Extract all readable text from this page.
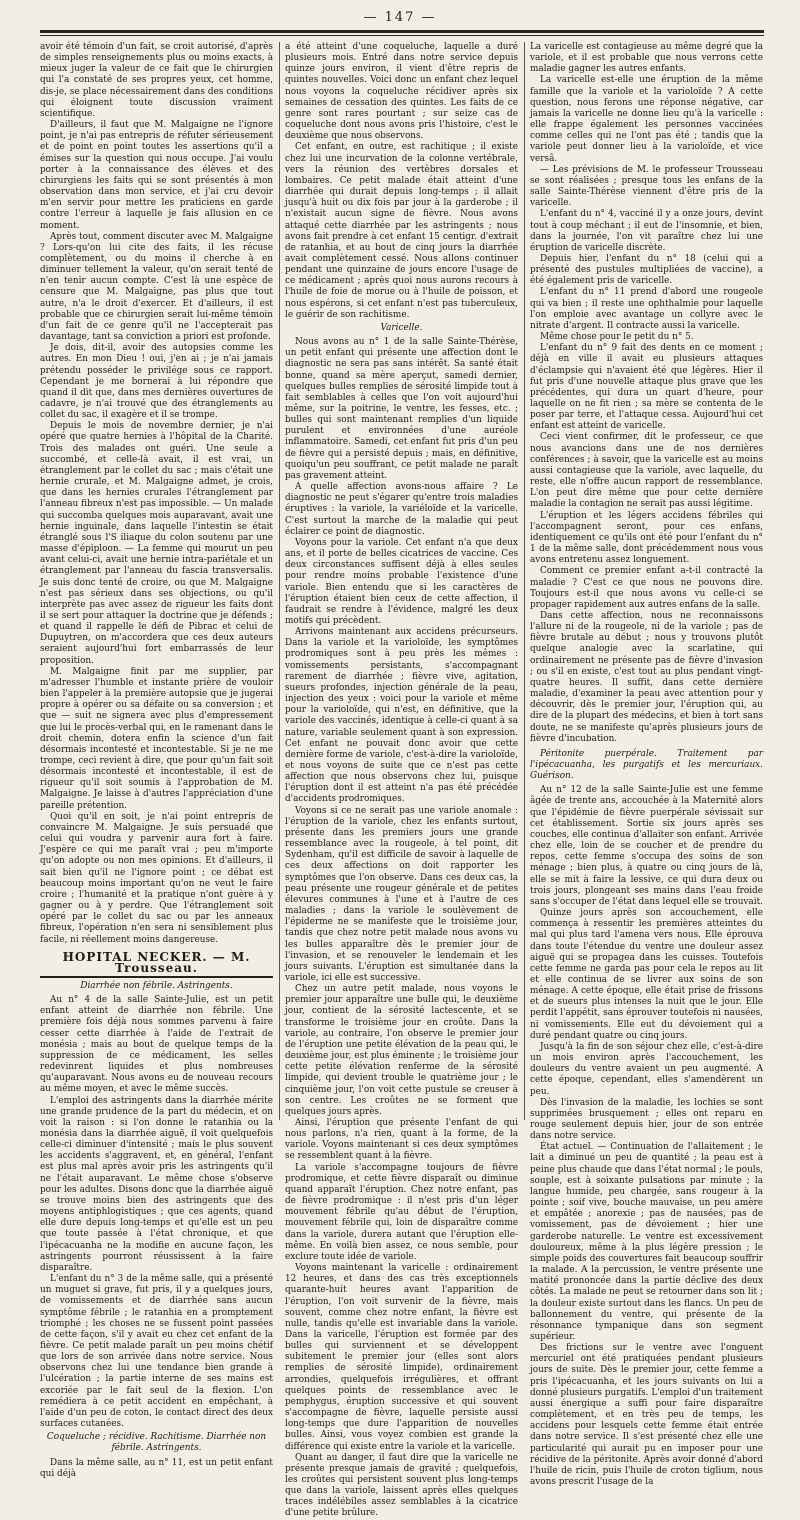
— 147 —

avoir été témoin d'un fait, se croit autorisé, d'après de simples renseignements plus ou moins exacts, à mieux juger la valeur de ce fait que le chirurgien qui l'a constaté de ses propres yeux, cet homme, dis-je, se place nécessairement dans des conditions qui éloignent toute discussion vraiment scientifique.

D'ailleurs, il faut que M. Malgaigne ne l'ignore point, je n'ai pas entrepris de réfuter sérieusement et de point en point toutes les assertions qu'il a émises sur la question qui nous occupe. J'ai voulu porter à la connaissance des élèves et des chirurgiens les faits qui se sont présentés à mon observation dans mon service, et j'ai cru devoir m'en servir pour mettre les praticiens en garde contre l'erreur à laquelle je fais allusion en ce moment.

Après tout, comment discuter avec M. Malgaigne ? Lors-qu'on lui cite des faits, il les récuse complètement, ou du moins il cherche à en diminuer tellement la valeur, qu'on serait tenté de n'en tenir aucun compte. C'est là une espèce de censure que M. Malgaigne, pas plus que tout autre, n'a le droit d'exercer. Et d'ailleurs, il est probable que ce chirurgien serait lui-même témoin d'un fait de ce genre qu'il ne l'accepterait pas davantage, tant sa conviction a priori est profonde.

Je dois, dit-il, avoir des autopsies comme les autres. En mon Dieu ! oui, j'en ai ; je n'ai jamais prétendu posséder le privilége sous ce rapport. Cependant je me bornerai à lui répondre que quand il dit que, dans mes dernières ouvertures de cadavre, je n'ai trouvé que des étranglements au collet du sac, il exagère et il se trompe.

Depuis le mois de novembre dernier, je n'ai opéré que quatre hernies à l'hôpital de la Charité. Trois des malades ont guéri. Une seule a succombé, et celle-là avait, il est vrai, un étranglement par le collet du sac ; mais c'était une hernie crurale, et M. Malgaigne admet, je crois, que dans les hernies crurales l'étranglement par l'anneau fibreux n'est pas impossible. — Un malade qui succomba quelques mois auparavant, avait une hernie inguinale, dans laquelle l'intestin se était étranglé sous l'S iliaque du colon soutenu par une masse d'épiploon. — La femme qui mourut un peu avant celui-ci, avait une hernie intra-pariétale et un étranglement par l'anneau du fascia transversalis. Je suis donc tenté de croire, ou que M. Malgaigne n'est pas sérieux dans ses objections, ou qu'il interprète pas avec assez de rigueur les faits dont il se sert pour attaquer la doctrine que je défends ; et quand il rappelle le défi de Pibrac et celui de Dupuytren, on m'accordera que ces deux auteurs seraient aujourd'hui fort embarrassés de leur proposition.

M. Malgaigne finit par me supplier, par m'adresser l'humble et instante prière de vouloir bien l'appeler à la première autopsie que je jugerai propre à opérer ou sa défaite ou sa conversion ; et que — suit ne signera avec plus d'empressement que lui le procès-verbal qui, en le ramenant dans le droit chemin, dotera enfin la science d'un fait désormais incontesté et incontestable. Si je ne me trompe, ceci revient à dire, que pour qu'un fait soit désormais incontesté et incontestable, il est de rigueur qu'il soit soumis à l'approbation de M. Malgaigne. Je laisse à d'autres l'appréciation d'une pareille prétention.

Quoi qu'il en soit, je n'ai point entrepris de convaincre M. Malgaigne. Je suis persuadé que celui qui voudra y parvenir aura fort à faire. J'espère ce qui me paraît vrai ; peu m'importe qu'on adopte ou non mes opinions. Et d'ailleurs, il sait bien qu'il ne l'ignore point ; ce débat est beaucoup moins important qu'on ne veut le faire croire ; l'humanité et la pratique n'ont guère à y gagner ou à y perdre. Que l'étranglement soit opéré par le collet du sac ou par les anneaux fibreux, l'opération n'en sera ni sensiblement plus facile, ni réellement moins dangereuse.

HOPITAL NECKER. — M. Trousseau.
Diarrhée non fébrile. Astringents.

Au n° 4 de la salle Sainte-Julie, est un petit enfant atteint de diarrhée non fébrile. Une première fois déjà nous sommes parvenu à faire cesser cette diarrhée à l'aide de l'extrait de monésia ; mais au bout de quelque temps de la suppression de ce médicament, les selles redevinrent liquides et plus nombreuses qu'auparavant. Nous avons eu de nouveau recours au même moyen, et avec le même succès.

L'emploi des astringents dans la diarrhée mérite une grande prudence de la part du médecin, et on voit la raison : si l'on donne le ratanhia ou la monésia dans la diarrhée aiguë, il voit quelquefois celle-ci diminuer d'intensité ; mais le plus souvent les accidents s'aggravent, et, en général, l'enfant est plus mal après avoir pris les astringents qu'il ne l'était auparavant. Le même chose s'observe pour les adultes. Disons donc que la diarrhée aiguë se trouve moins bien des astringents que des moyens antiphlogistiques ; que ces agents, quand elle dure depuis long-temps et qu'elle est un peu que toute passée à l'état chronique, et que l'ipécacuanha ne la modifie en aucune façon, les astringents pourront réussissent à la faire disparaître.

L'enfant du n° 3 de la même salle, qui a présenté un muguet si grave, fut pris, il y a quelques jours, de vomissements et de diarrhée sans aucun symptôme fébrile ; le ratanhia en a promptement triomphé ; les choses ne se fussent point passées de cette façon, s'il y avait eu chez cet enfant de la fièvre. Ce petit malade paraît un peu moins chétif que lors de son arrivée dans notre service. Nous observons chez lui une tendance bien grande à l'ulcération ; la partie interne de ses mains est excoriée par le fait seul de la flexion. L'on remédiera à ce petit accident en empêchant, à l'aide d'un peu de coton, le contact direct des deux surfaces cutanées.

Coqueluche ; récidive. Rachitisme. Diarrhée non fébrile. Astringents.

Dans la même salle, au n° 11, est un petit enfant qui déjà

a été atteint d'une coqueluche, laquelle a duré plusieurs mois. Entré dans notre service depuis quinze jours environ, il vient d'être repris de quintes nouvelles. Voici donc un enfant chez lequel nous voyons la coqueluche récidiver après six semaines de cessation des quintes. Les faits de ce genre sont rares pourtant ; sur seize cas de coqueluche dont nous avons pris l'histoire, c'est le deuxième que nous observons.

Cet enfant, en outre, est rachitique ; il existe chez lui une incurvation de la colonne vertébrale, vers la réunion des vertèbres dorsales et lombaires. Ce petit malade était atteint d'une diarrhée qui durait depuis long-temps ; il allait jusqu'à huit ou dix fois par jour à la garderobe ; il n'existait aucun signe de fièvre. Nous avons attaqué cette diarrhée par les astringents ; nous avons fait prendre à cet enfant 15 centigr. d'extrait de ratanhia, et au bout de cinq jours la diarrhée avait complètement cessé. Nous allons continuer pendant une quinzaine de jours encore l'usage de ce médicament ; après quoi nous aurons recours à l'huile de foie de morue ou à l'huile de poisson, et nous espérons, si cet enfant n'est pas tuberculeux, le guérir de son rachitisme.

Varicelle.

Nous avons au n° 1 de la salle Sainte-Thérèse, un petit enfant qui présente une affection dont le diagnostic ne sera pas sans intérêt. Sa santé était bonne, quand sa mère aperçut, samedi dernier, quelques bulles remplies de sérosité limpide tout à fait semblables à celles que l'on voit aujourd'hui même, sur la poitrine, le ventre, les fesses, etc. ; bulles qui sont maintenant remplies d'un liquide purulent et environnées d'une auréole inflammatoire. Samedi, cet enfant fut pris d'un peu de fièvre qui a persisté depuis ; mais, en définitive, quoiqu'un peu souffrant, ce petit malade ne paraît pas gravement atteint.

A quelle affection avons-nous affaire ? Le diagnostic ne peut s'égarer qu'entre trois maladies éruptives : la variole, la variéloïde et la varicelle. C'est surtout la marche de la maladie qui peut éclairer ce point de diagnostic.

Voyons pour la variole. Cet enfant n'a que deux ans, et il porte de belles cicatrices de vaccine. Ces deux circonstances suffisent déjà à elles seules pour rendre moins probable l'existence d'une variole. Bien entendu que si les caractères de l'éruption étaient bien ceux de cette affection, il faudrait se rendre à l'évidence, malgré les deux motifs qui précèdent.

Arrivons maintenant aux accidens précurseurs. Dans la variole et la varioloïde, les symptômes prodromiques sont à peu près les mêmes : vomissements persistants, s'accompagnant rarement de diarrhée ; fièvre vive, agitation, sueurs profondes, injection générale de la peau, injection des yeux : voici pour la variole et même pour la varioloïde, qui n'est, en définitive, que la variole des vaccinés, identique à celle-ci quant à sa nature, variable seulement quant à son expression. Cet enfant ne pouvait donc avoir que cette dernière forme de variole, c'est-à-dire la varioloïde, et nous voyons de suite que ce n'est pas cette affection que nous observons chez lui, puisque l'éruption dont il est atteint n'a pas été précédée d'accidents prodromiques.

Voyons si ce ne serait pas une variole anomale : l'éruption de la variole, chez les enfants surtout, présente dans les premiers jours une grande ressemblance avec la rougeole, à tel point, dit Sydenham, qu'il est difficile de savoir à laquelle de ces deux affections on doit rapporter les symptômes que l'on observe. Dans ces deux cas, la peau présente une rougeur générale et de petites élevures communes à l'une et à l'autre de ces maladies ; dans la variole le soulèvement de l'épiderme ne se manifeste que le troisième jour, tandis que chez notre petit malade nous avons vu les bulles apparaître dès le premier jour de l'invasion, et se renouveler le lendemain et les jours suivants. L'éruption est simultanée dans la variole, ici elle est successive.

Chez un autre petit malade, nous voyons le premier jour apparaître une bulle qui, le deuxième jour, contient de la sérosité lactescente, et se transforme le troisième jour en croûte. Dans la variole, au contraire, l'on observe le premier jour de l'éruption une petite élévation de la peau qui, le deuxième jour, est plus éminente ; le troisième jour cette petite élévation renferme de la sérosité limpide, qui devient trouble le quatrième jour ; le cinquième jour, l'on voit cette pustule se creuser à son centre. Les croûtes ne se forment que quelques jours après.

Ainsi, l'éruption que présente l'enfant de qui nous parlons, n'a rien, quant à la forme, de la variole. Voyons maintenant si ces deux symptômes se ressemblent quant à la fièvre.

La variole s'accompagne toujours de fièvre prodromique, et cette fièvre disparaît ou diminue quand apparaît l'éruption. Chez notre enfant, pas de fièvre prodromique : il n'est pris d'un léger mouvement fébrile qu'au début de l'éruption, mouvement fébrile qui, loin de disparaître comme dans la variole, durera autant que l'éruption elle-même. En voilà bien assez, ce nous semble, pour exclure toute idée de variole.

Voyons maintenant la varicelle : ordinairement 12 heures, et dans des cas très exceptionnels quarante-huit heures avant l'apparition de l'éruption, l'on voit survenir de la fièvre, mais souvent, comme chez notre enfant, la fièvre est nulle, tandis qu'elle est invariable dans la variole. Dans la varicelle, l'éruption est formée par des bulles qui surviennent et se développent subitement le premier jour (elles sont alors remplies de sérosité limpide), ordinairement arrondies, quelquefois irrégulières, et offrant quelques points de ressemblance avec le pemphygus, éruption successive et qui souvent s'accompagne de fièvre, laquelle persiste aussi long-temps que dure l'apparition de nouvelles bulles. Ainsi, vous voyez combien est grande la différence qui existe entre la variole et la varicelle.

Quant au danger, il faut dire que la varicelle ne présente presque jamais de gravité ; quelquefois, les croûtes qui persistent souvent plus long-temps que dans la variole, laissent après elles quelques traces indélébiles assez semblables à la cicatrice d'une petite brûlure.

La varicelle est contagieuse au même degré que la variole, et il est probable que nous verrons cette maladie gagner les autres enfants.

La varicelle est-elle une éruption de la même famille que la variole et la varioloïde ? A cette question, nous ferons une réponse négative, car jamais la varicelle ne donne lieu qu'à la varicelle : elle frappe également les personnes vaccinées comme celles qui ne l'ont pas été ; tandis que la variole peut donner lieu à la varioloïde, et vice versâ.

— Les prévisions de M. le professeur Trousseau se sont réalisées ; presque tous les enfans de la salle Sainte-Thérèse viennent d'être pris de la varicelle.

L'enfant du n° 4, vacciné il y a onze jours, devint tout à coup méchant ; il eut de l'insomnie, et bien, dans la journée, l'on vit paraître chez lui une éruption de varicelle discrète.

Depuis hier, l'enfant du n° 18 (celui qui a présenté des pustules multipliées de vaccine), a été également pris de varicelle.

L'enfant du n° 11 prend d'abord une rougeole qui va bien ; il reste une ophthalmie pour laquelle l'on emploie avec avantage un collyre avec le nitrate d'argent. Il contracte aussi la varicelle.

Même chose pour le petit du n° 5.

L'enfant du n° 9 fait des dents en ce moment ; déjà en ville il avait eu plusieurs attaques d'éclampsie qui n'avaient été que légères. Hier il fut pris d'une nouvelle attaque plus grave que les précédentes, qui dura un quart d'heure, pour laquelle on ne fit rien ; sa mère se contenta de le poser par terre, et l'attaque cessa. Aujourd'hui cet enfant est atteint de varicelle.

Ceci vient confirmer, dit le professeur, ce que nous avancions dans une de nos dernières conférences ; à savoir, que la varicelle est au moins aussi contagieuse que la variole, avec laquelle, du reste, elle n'offre aucun rapport de ressemblance. L'on peut dire même que pour cette dernière maladie la contagion ne serait pas aussi légitime.

L'éruption et les légers accidens fébriles qui l'accompagnent seront, pour ces enfans, identiquement ce qu'ils ont été pour l'enfant du n° 1 de la même salle, dont précédemment nous vous avons entretenu assez longuement.

Comment ce premier enfant a-t-il contracté la maladie ? C'est ce que nous ne pouvons dire. Toujours est-il que nous avons vu celle-ci se propager rapidement aux autres enfans de la salle.

Dans cette affection, nous ne reconnaissons l'allure ni de la rougeole, ni de la variole ; pas de fièvre brutale au début ; nous y trouvons plutôt quelque analogie avec la scarlatine, qui ordinairement ne présente pas de fièvre d'invasion ; ou s'il en existe, c'est tout au plus pendant vingt-quatre heures. Il suffit, dans cette dernière maladie, d'examiner la peau avec attention pour y découvrir, dès le premier jour, l'éruption qui, au dire de la plupart des médecins, et bien à tort sans doute, ne se manifeste qu'après plusieurs jours de fièvre d'incubation.

Péritonite puerpérale. Traitement par l'ipécacuanha, les purgatifs et les mercuriaux. Guérison.

Au n° 12 de la salle Sainte-Julie est une femme âgée de trente ans, accouchée à la Maternité alors que l'épidémie de fièvre puerpérale sévissait sur cet établissement. Sortie six jours après ses couches, elle continua d'allaiter son enfant. Arrivée chez elle, loin de se coucher et de prendre du repos, cette femme s'occupa des soins de son ménage ; bien plus, à quatre ou cinq jours de là, elle se mit à faire la lessive, ce qui dura deux ou trois jours, plongeant ses mains dans l'eau froide sans s'occuper de l'état dans lequel elle se trouvait.

Quinze jours après son accouchement, elle commença à ressentir les premières atteintes du mal qui plus tard l'amena vers nous. Elle éprouva dans toute l'étendue du ventre une douleur assez aiguë qui se propagea dans les cuisses. Toutefois cette femme ne garda pas pour cela le repos au lit et elle continua de se livrer aux soins de son ménage. A cette époque, elle était prise de frissons et de sueurs plus intenses la nuit que le jour. Elle perdit l'appétit, sans éprouver toutefois ni nausées, ni vomissements. Elle eut du dévoiement qui a duré pendant quatre ou cinq jours.

Jusqu'à la fin de son séjour chez elle, c'est-à-dire un mois environ après l'accouchement, les douleurs du ventre avaient un peu augmenté. A cette époque, cependant, elles s'amendèrent un peu.

Dès l'invasion de la maladie, les lochies se sont supprimées brusquement ; elles ont reparu en rouge seulement depuis hier, jour de son entrée dans notre service.

État actuel. — Continuation de l'allaitement ; le lait a diminué un peu de quantité ; la peau est à peine plus chaude que dans l'état normal ; le pouls, souple, est à soixante pulsations par minute ; la langue humide, peu chargée, sans rougeur à la pointe ; soif vive, bouche mauvaise, un peu amère et empâtée ; anorexie ; pas de nausées, pas de vomissement, pas de dévoiement ; hier une garderobe naturelle. Le ventre est excessivement douloureux, même à la plus légère pression ; le simple poids des couvertures fait beaucoup souffrir la malade. A la percussion, le ventre présente une matité prononcée dans la partie déclive des deux côtés. La malade ne peut se retourner dans son lit ; la douleur existe surtout dans les flancs. Un peu de ballonnement du ventre, qui présente de la résonnance tympanique dans son segment supérieur.

Des frictions sur le ventre avec l'onguent mercuriel ont été pratiquées pendant plusieurs jours de suite. Dès le premier jour, cette femme a pris l'ipécacuanha, et les jours suivants on lui a donné plusieurs purgatifs. L'emploi d'un traitement aussi énergique a suffi pour faire disparaître complètement, et en très peu de temps, les accidens pour lesquels cette femme était entrée dans notre service. Il s'est présenté chez elle une particularité qui aurait pu en imposer pour une récidive de la péritonite. Après avoir donné d'abord l'huile de ricin, puis l'huile de croton tiglium, nous avons prescrit l'usage de la
